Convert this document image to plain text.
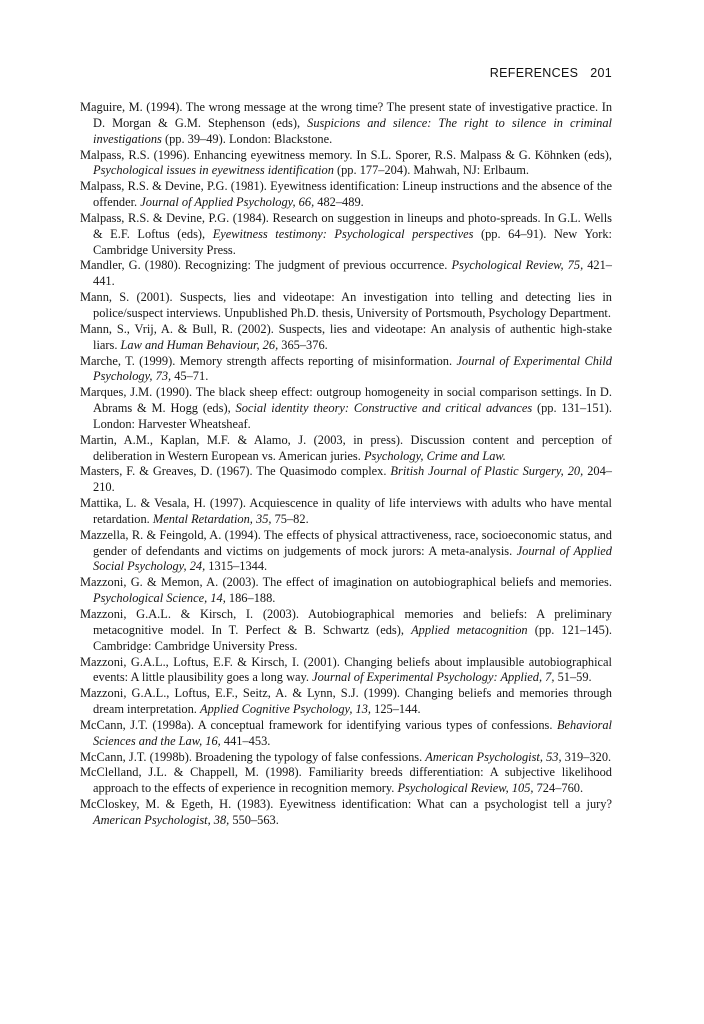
REFERENCES 201

Maguire, M. (1994). The wrong message at the wrong time? The present state of investigative practice. In D. Morgan & G.M. Stephenson (eds), Suspicions and silence: The right to silence in criminal investigations (pp. 39–49). London: Blackstone.

Malpass, R.S. (1996). Enhancing eyewitness memory. In S.L. Sporer, R.S. Malpass & G. Köhnken (eds), Psychological issues in eyewitness identification (pp. 177–204). Mahwah, NJ: Erlbaum.

Malpass, R.S. & Devine, P.G. (1981). Eyewitness identification: Lineup instructions and the absence of the offender. Journal of Applied Psychology, 66, 482–489.

Malpass, R.S. & Devine, P.G. (1984). Research on suggestion in lineups and photo-spreads. In G.L. Wells & E.F. Loftus (eds), Eyewitness testimony: Psychological perspectives (pp. 64–91). New York: Cambridge University Press.

Mandler, G. (1980). Recognizing: The judgment of previous occurrence. Psychological Review, 75, 421–441.

Mann, S. (2001). Suspects, lies and videotape: An investigation into telling and detecting lies in police/suspect interviews. Unpublished Ph.D. thesis, University of Portsmouth, Psychology Department.

Mann, S., Vrij, A. & Bull, R. (2002). Suspects, lies and videotape: An analysis of authentic high-stake liars. Law and Human Behaviour, 26, 365–376.

Marche, T. (1999). Memory strength affects reporting of misinformation. Journal of Experimental Child Psychology, 73, 45–71.

Marques, J.M. (1990). The black sheep effect: outgroup homogeneity in social comparison settings. In D. Abrams & M. Hogg (eds), Social identity theory: Constructive and critical advances (pp. 131–151). London: Harvester Wheatsheaf.

Martin, A.M., Kaplan, M.F. & Alamo, J. (2003, in press). Discussion content and perception of deliberation in Western European vs. American juries. Psychology, Crime and Law.

Masters, F. & Greaves, D. (1967). The Quasimodo complex. British Journal of Plastic Surgery, 20, 204–210.

Mattika, L. & Vesala, H. (1997). Acquiescence in quality of life interviews with adults who have mental retardation. Mental Retardation, 35, 75–82.

Mazzella, R. & Feingold, A. (1994). The effects of physical attractiveness, race, socioeconomic status, and gender of defendants and victims on judgements of mock jurors: A meta-analysis. Journal of Applied Social Psychology, 24, 1315–1344.

Mazzoni, G. & Memon, A. (2003). The effect of imagination on autobiographical beliefs and memories. Psychological Science, 14, 186–188.

Mazzoni, G.A.L. & Kirsch, I. (2003). Autobiographical memories and beliefs: A preliminary metacognitive model. In T. Perfect & B. Schwartz (eds), Applied metacognition (pp. 121–145). Cambridge: Cambridge University Press.

Mazzoni, G.A.L., Loftus, E.F. & Kirsch, I. (2001). Changing beliefs about implausible autobiographical events: A little plausibility goes a long way. Journal of Experimental Psychology: Applied, 7, 51–59.

Mazzoni, G.A.L., Loftus, E.F., Seitz, A. & Lynn, S.J. (1999). Changing beliefs and memories through dream interpretation. Applied Cognitive Psychology, 13, 125–144.

McCann, J.T. (1998a). A conceptual framework for identifying various types of confessions. Behavioral Sciences and the Law, 16, 441–453.

McCann, J.T. (1998b). Broadening the typology of false confessions. American Psychologist, 53, 319–320.

McClelland, J.L. & Chappell, M. (1998). Familiarity breeds differentiation: A subjective likelihood approach to the effects of experience in recognition memory. Psychological Review, 105, 724–760.

McCloskey, M. & Egeth, H. (1983). Eyewitness identification: What can a psychologist tell a jury? American Psychologist, 38, 550–563.
